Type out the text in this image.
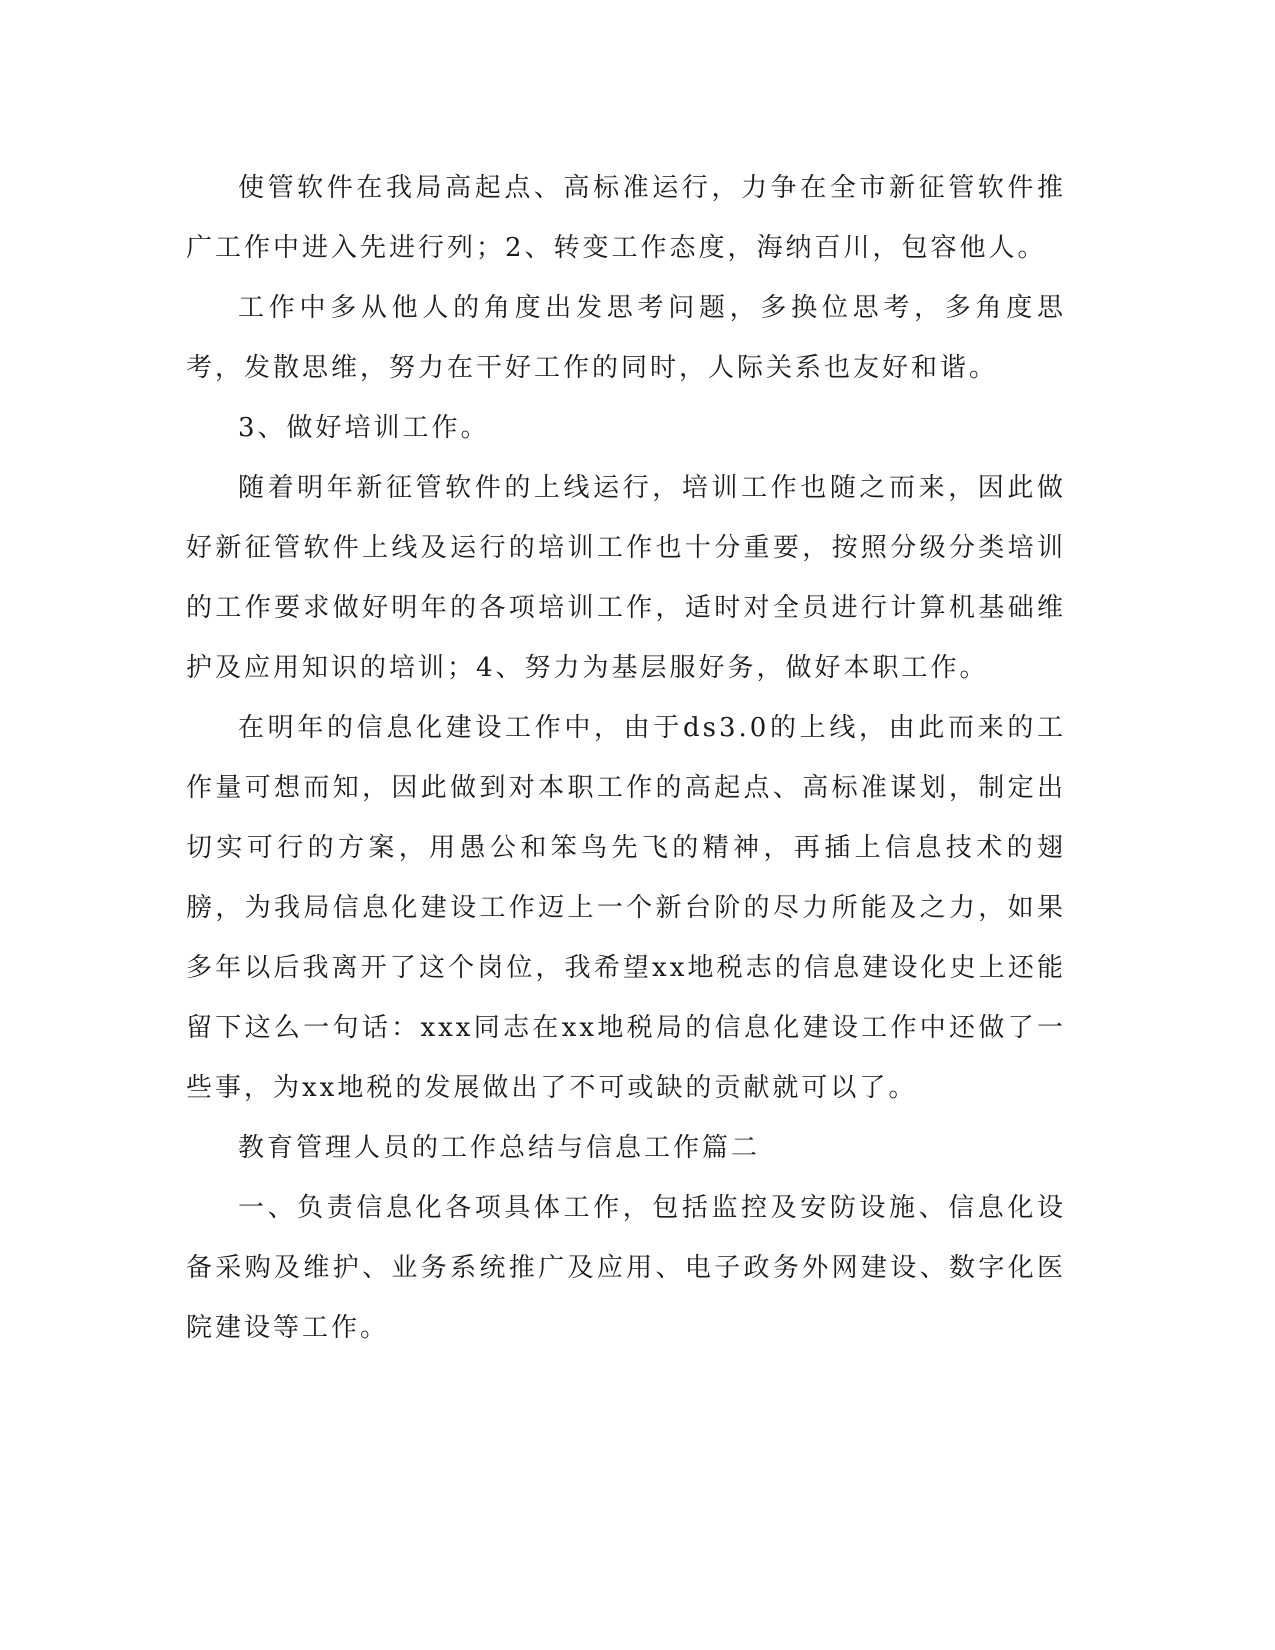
使管软件在我局高起点、高标准运行，力争在全市新征管软件推广工作中进入先进行列；2、转变工作态度，海纳百川，包容他人。

工作中多从他人的角度出发思考问题，多换位思考，多角度思考，发散思维，努力在干好工作的同时，人际关系也友好和谐。

3、做好培训工作。

随着明年新征管软件的上线运行，培训工作也随之而来，因此做好新征管软件上线及运行的培训工作也十分重要，按照分级分类培训的工作要求做好明年的各项培训工作，适时对全员进行计算机基础维护及应用知识的培训；4、努力为基层服好务，做好本职工作。

在明年的信息化建设工作中，由于ds3.0的上线，由此而来的工作量可想而知，因此做到对本职工作的高起点、高标准谋划，制定出切实可行的方案，用愚公和笨鸟先飞的精神，再插上信息技术的翅膀，为我局信息化建设工作迈上一个新台阶的尽力所能及之力，如果多年以后我离开了这个岗位，我希望xx地税志的信息建设化史上还能留下这么一句话：xxx同志在xx地税局的信息化建设工作中还做了一些事，为xx地税的发展做出了不可或缺的贡献就可以了。

教育管理人员的工作总结与信息工作篇二

一、负责信息化各项具体工作，包括监控及安防设施、信息化设备采购及维护、业务系统推广及应用、电子政务外网建设、数字化医院建设等工作。
